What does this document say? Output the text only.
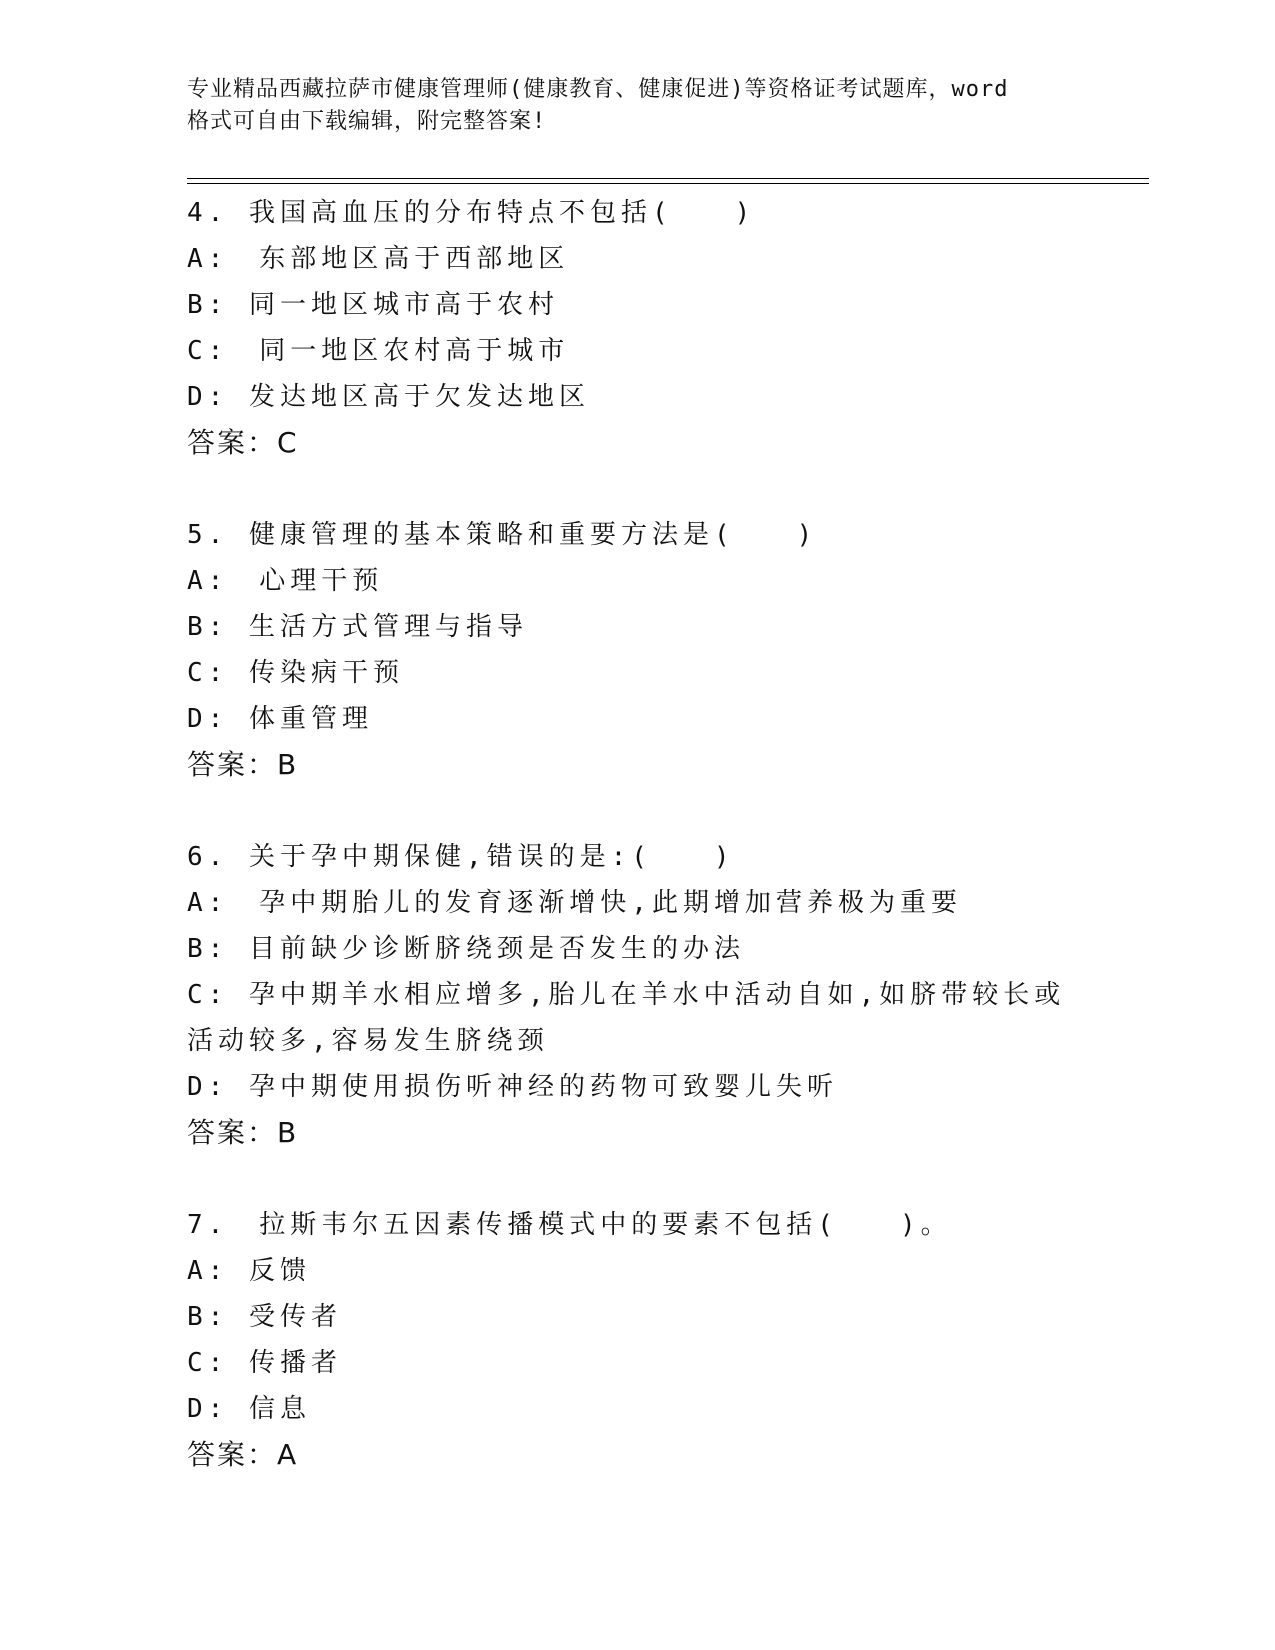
专业精品西藏拉萨市健康管理师(健康教育、健康促进)等资格证考试题库，word

格式可自由下载编辑，附完整答案!

4. 我国高血压的分布特点不包括(　　)
A:　东部地区高于西部地区
B: 同一地区城市高于农村
C:　同一地区农村高于城市
D: 发达地区高于欠发达地区
答案：C
5. 健康管理的基本策略和重要方法是(　　)
A:　心理干预
B: 生活方式管理与指导
C: 传染病干预
D: 体重管理
答案：B
6. 关于孕中期保健,错误的是:(　　)
A:　孕中期胎儿的发育逐渐增快,此期增加营养极为重要
B: 目前缺少诊断脐绕颈是否发生的办法
C: 孕中期羊水相应增多,胎儿在羊水中活动自如,如脐带较长或活动较多,容易发生脐绕颈
D: 孕中期使用损伤听神经的药物可致婴儿失听
答案：B
7.　拉斯韦尔五因素传播模式中的要素不包括(　　)。
A: 反馈
B: 受传者
C: 传播者
D: 信息
答案：A
